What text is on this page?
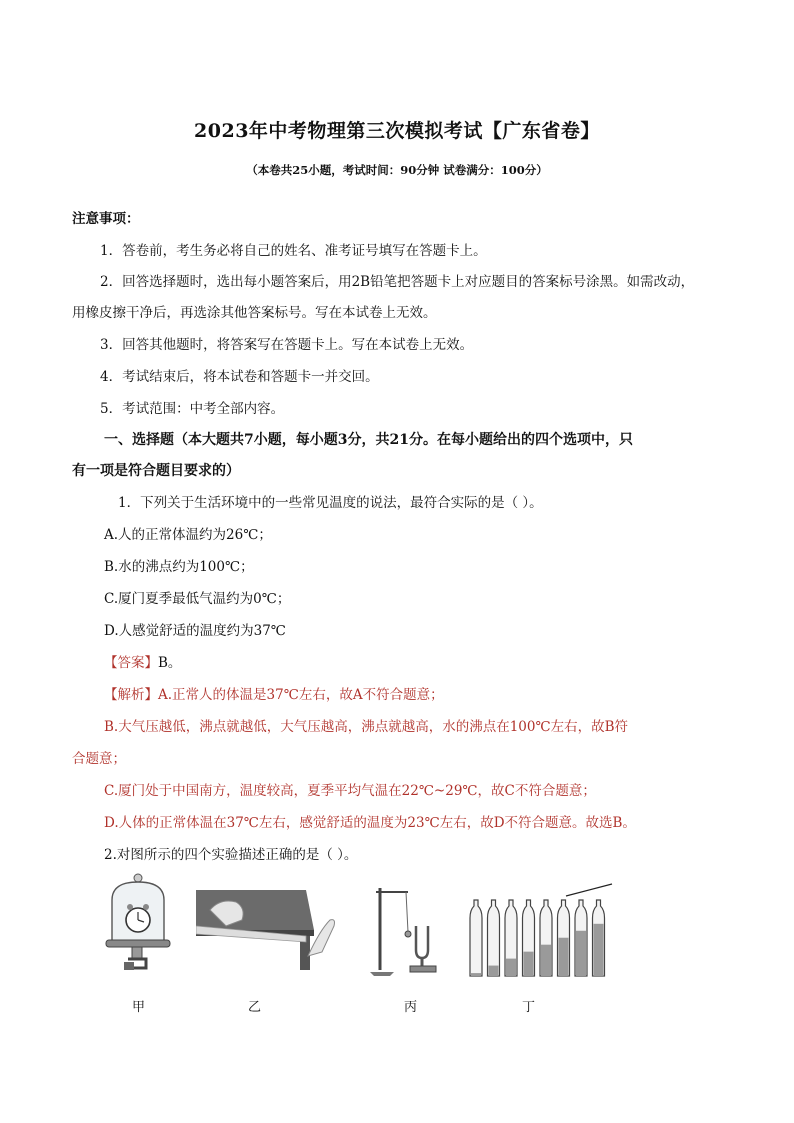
2023年中考物理第三次模拟考试【广东省卷】
（本卷共25小题，考试时间：90分钟 试卷满分：100分）
注意事项：
1．答卷前，考生务必将自己的姓名、准考证号填写在答题卡上。
2．回答选择题时，选出每小题答案后，用2B铅笔把答题卡上对应题目的答案标号涂黑。如需改动，
用橡皮擦干净后，再选涂其他答案标号。写在本试卷上无效。
3．回答其他题时，将答案写在答题卡上。写在本试卷上无效。
4．考试结束后，将本试卷和答题卡一并交回。
5．考试范围：中考全部内容。
一、选择题（本大题共7小题，每小题3分，共21分。在每小题给出的四个选项中，只
有一项是符合题目要求的）
1．下列关于生活环境中的一些常见温度的说法，最符合实际的是（ ）。
A.人的正常体温约为26℃；
B.水的沸点约为100℃；
C.厦门夏季最低气温约为0℃；
D.人感觉舒适的温度约为37℃
【答案】B。
【解析】A.正常人的体温是37℃左右，故A不符合题意；
B.大气压越低，沸点就越低，大气压越高，沸点就越高，水的沸点在100℃左右，故B符
合题意；
C.厦门处于中国南方，温度较高，夏季平均气温在22℃~29℃，故C不符合题意；
D.人体的正常体温在37℃左右，感觉舒适的温度为23℃左右，故D不符合题意。故选B。
2.对图所示的四个实验描述正确的是（ ）。
甲	乙	丙	丁
